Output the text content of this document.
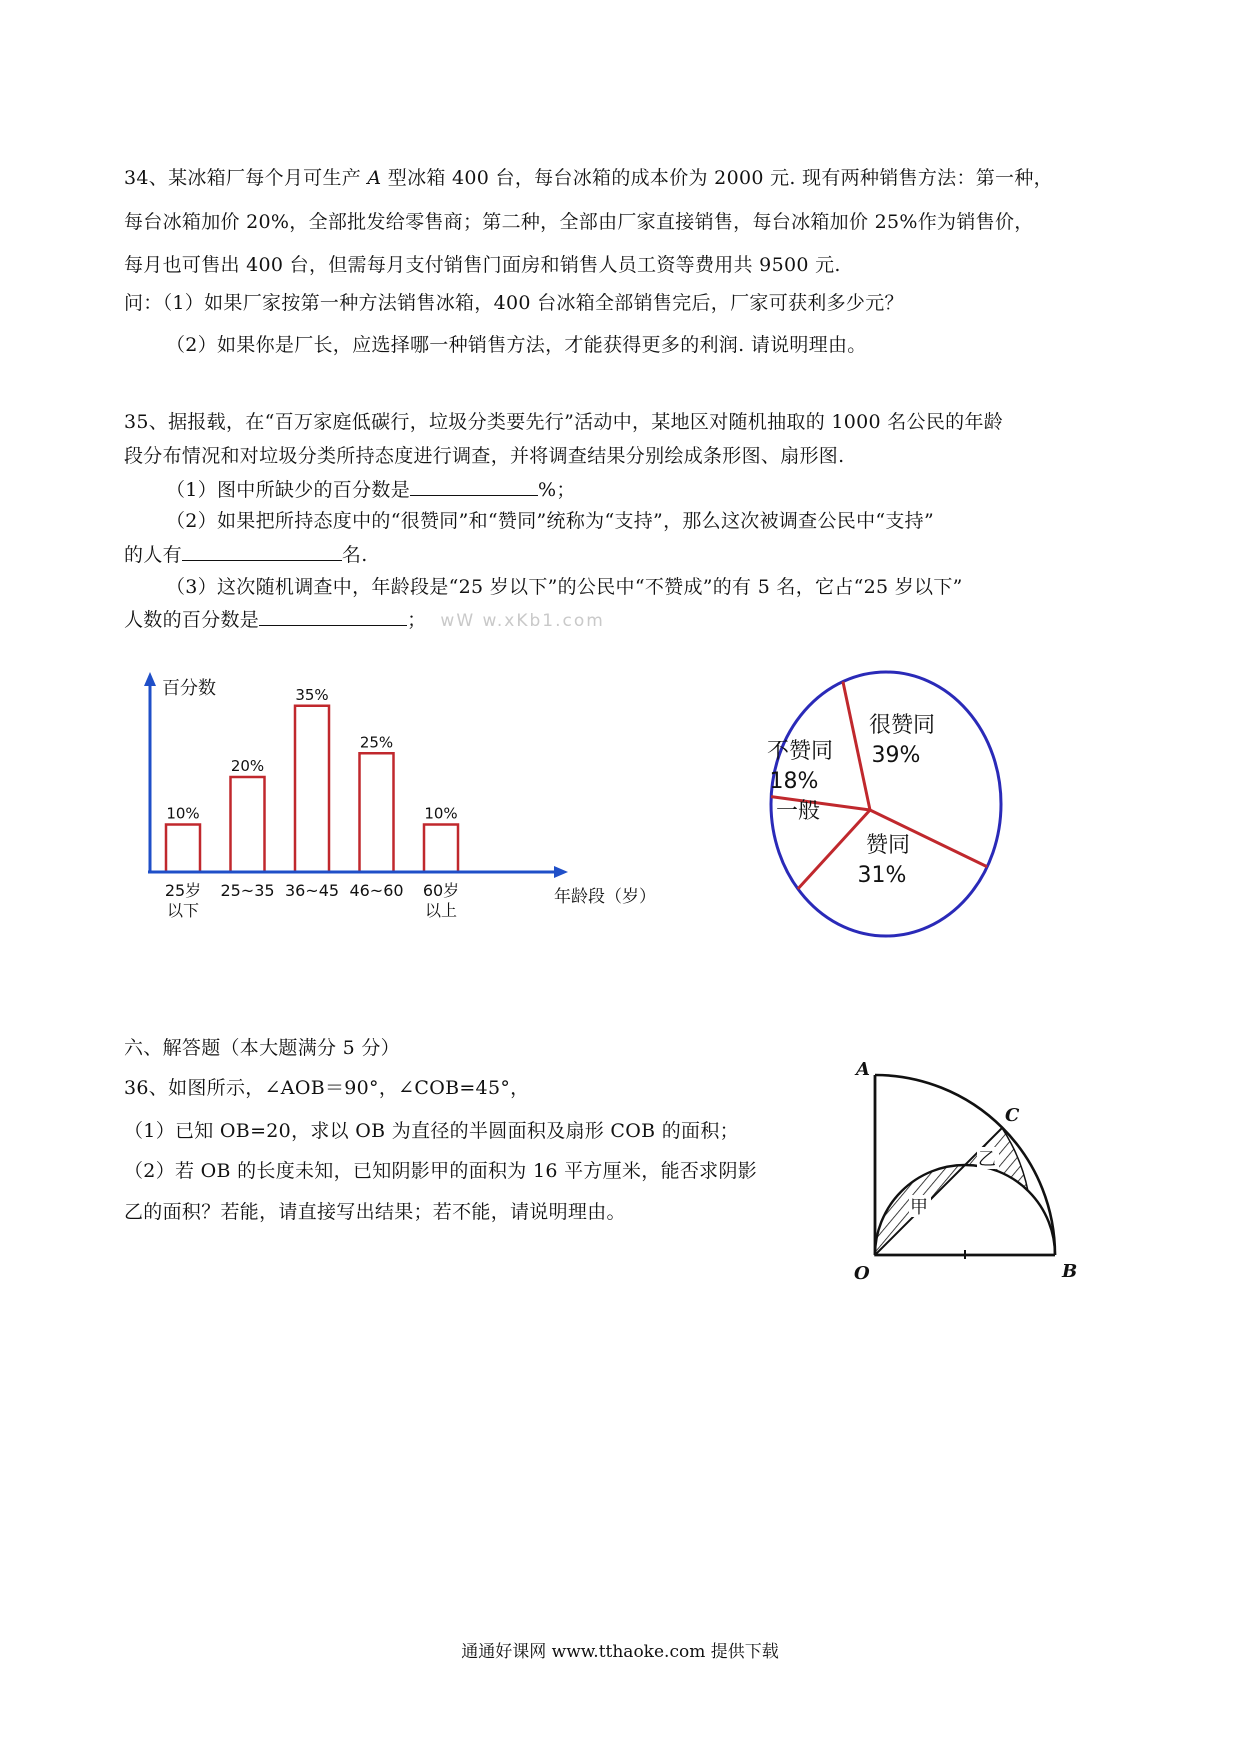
34、某冰箱厂每个月可生产 A 型冰箱 400 台，每台冰箱的成本价为 2000 元. 现有两种销售方法：第一种，
每台冰箱加价 20%，全部批发给零售商；第二种，全部由厂家直接销售，每台冰箱加价 25%作为销售价，
每月也可售出 400 台，但需每月支付销售门面房和销售人员工资等费用共 9500 元.
问：（1）如果厂家按第一种方法销售冰箱，400 台冰箱全部销售完后，厂家可获利多少元？
（2）如果你是厂长，应选择哪一种销售方法，才能获得更多的利润. 请说明理由。
35、据报载，在“百万家庭低碳行，垃圾分类要先行”活动中，某地区对随机抽取的 1000 名公民的年龄
段分布情况和对垃圾分类所持态度进行调查，并将调查结果分别绘成条形图、扇形图.
（1）图中所缺少的百分数是	%；
（2）如果把所持态度中的“很赞同”和“赞同”统称为“支持”，那么这次被调查公民中“支持”
的人有	名.
（3）这次随机调查中，年龄段是“25 岁以下”的公民中“不赞成”的有 5 名，它占“25 岁以下”
人数的百分数是	； wW w.xKb1.com
10%
25岁
以下
20%
25~35
35%
36~45
25%
46~60
10%
60岁
以上
百分数
年龄段（岁）
很赞同
39%
赞同
31%
一般
不赞同
18%
六、解答题（本大题满分 5 分）
36、如图所示，∠AOB＝90°，∠COB=45°，
（1）已知 OB=20，求以 OB 为直径的半圆面积及扇形 COB 的面积；
（2）若 OB 的长度未知，已知阴影甲的面积为 16 平方厘米，能否求阴影
乙的面积？若能，请直接写出结果；若不能，请说明理由。	甲
乙
A
C
O	B
通通好课网 www.tthaoke.com 提供下载
